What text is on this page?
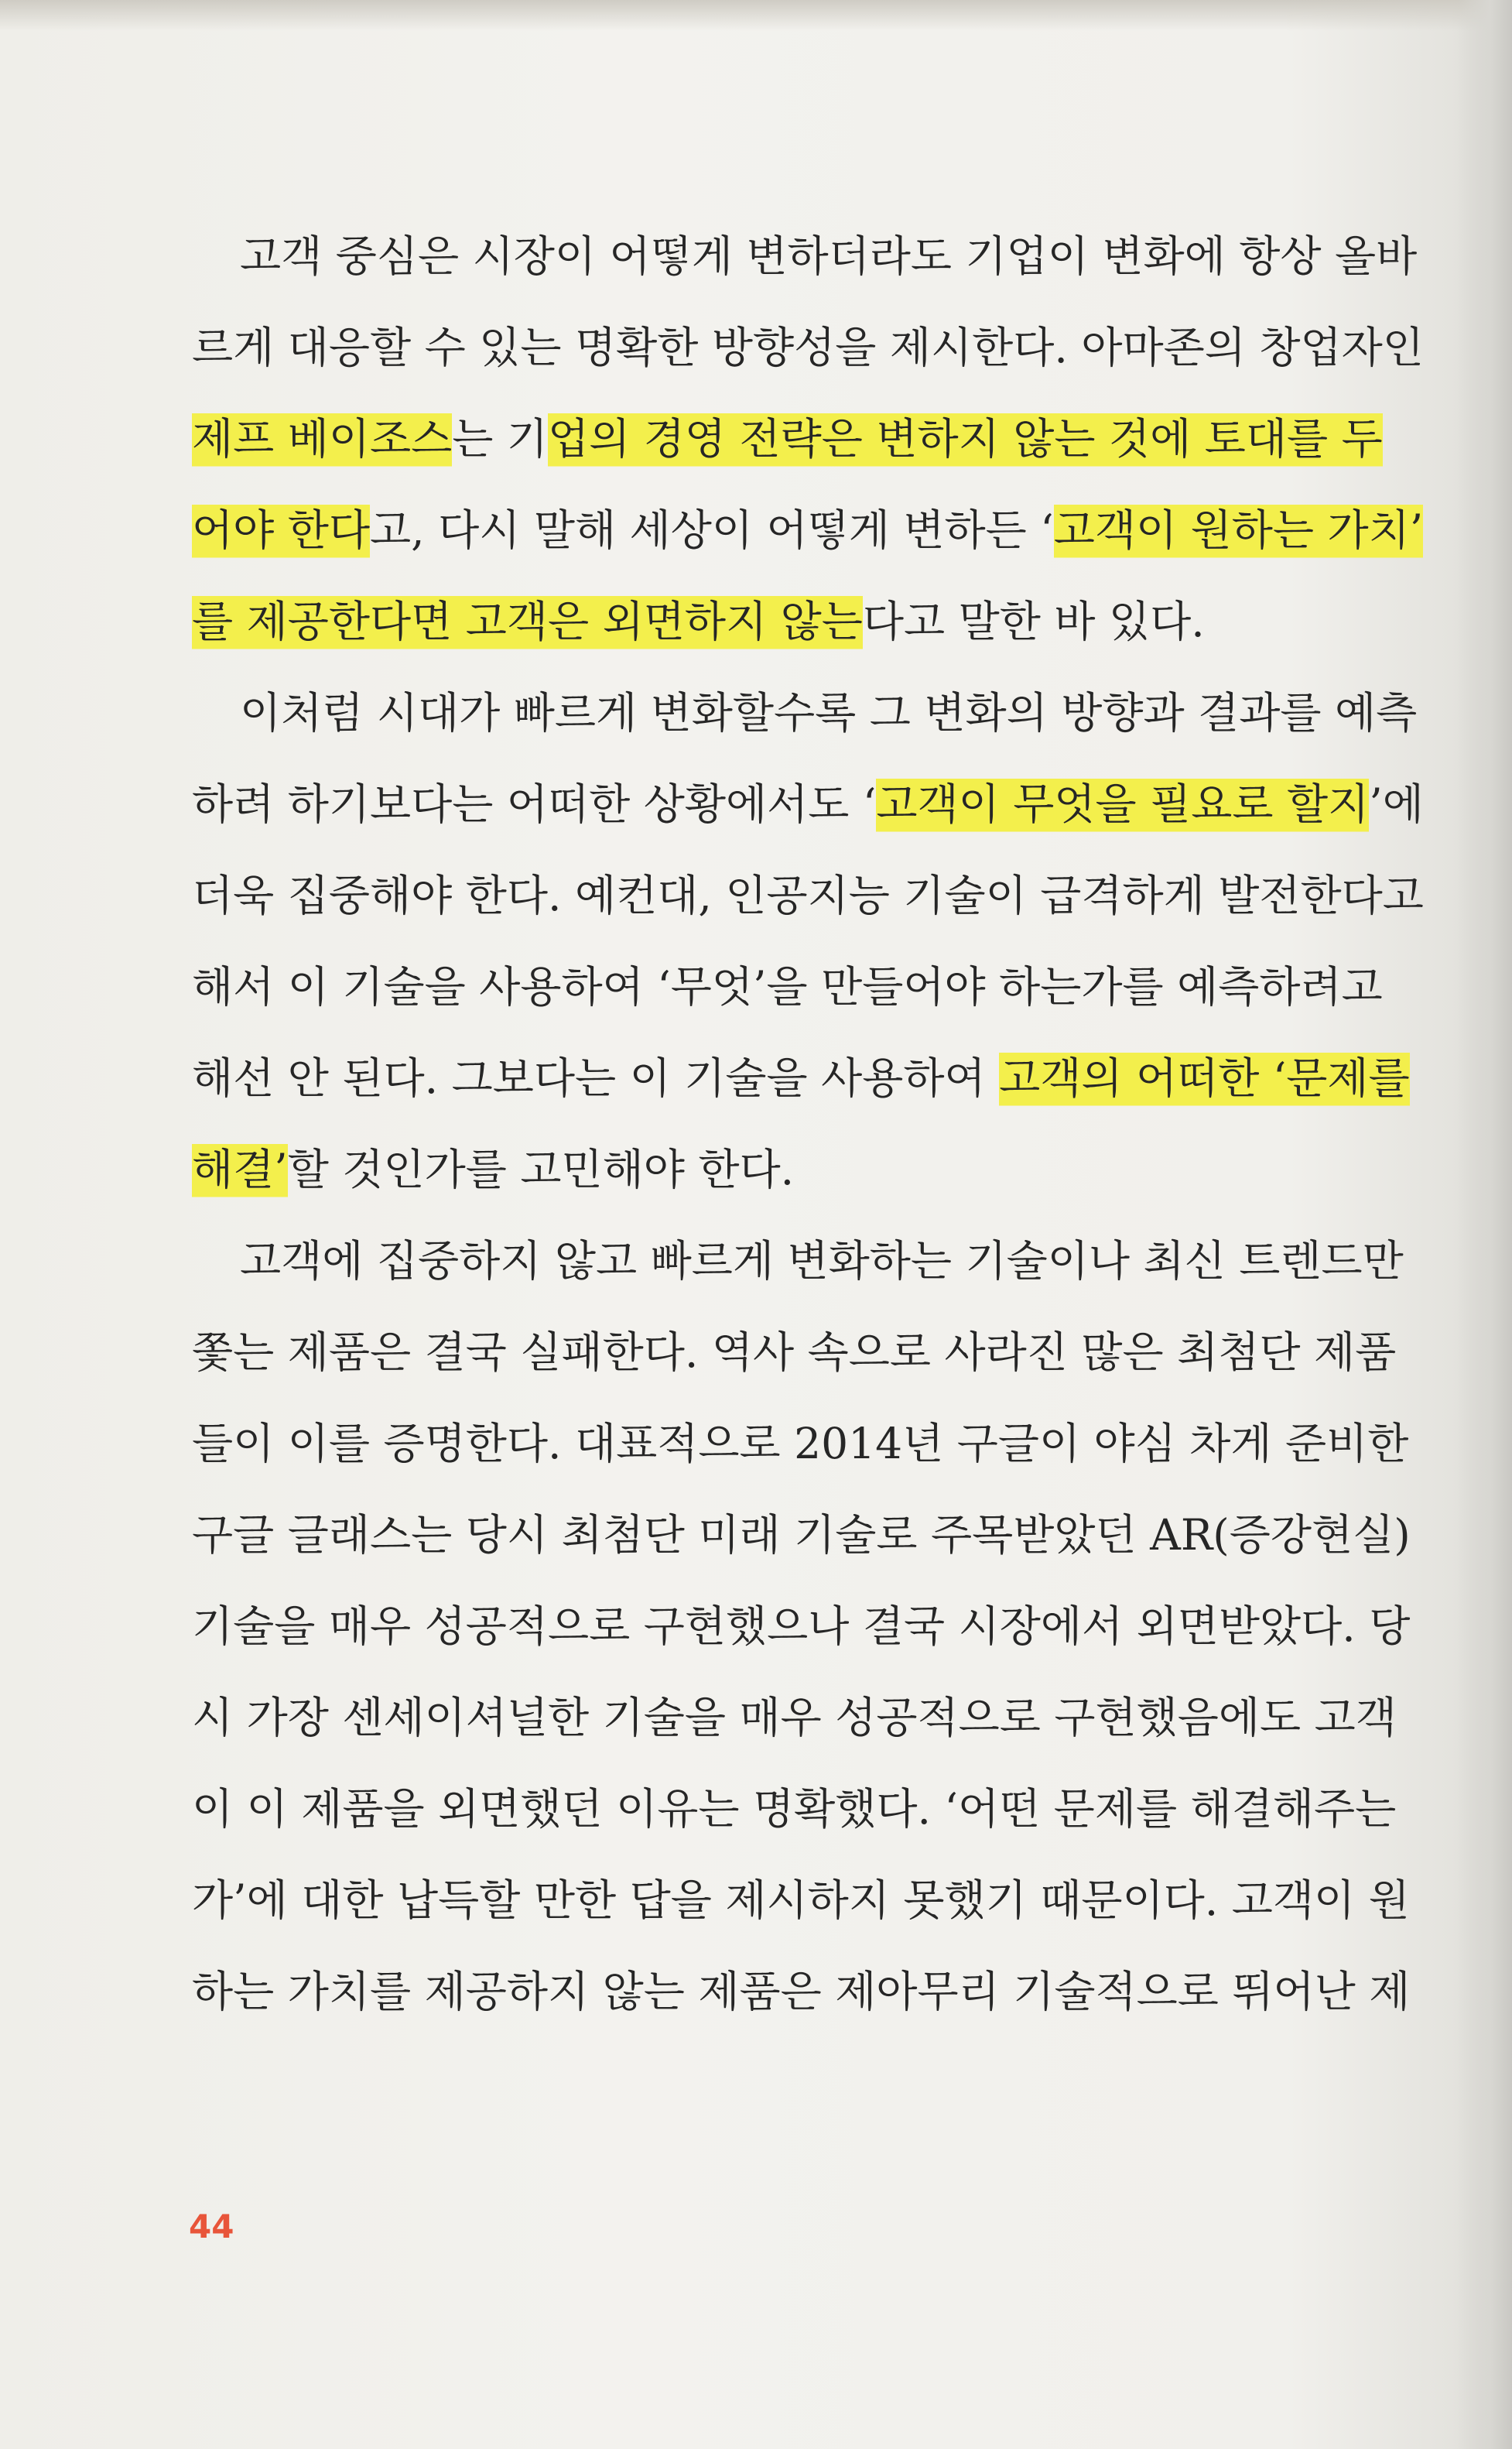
고객 중심은 시장이 어떻게 변하더라도 기업이 변화에 항상 올바
르게 대응할 수 있는 명확한 방향성을 제시한다. 아마존의 창업자인
제프 베이조스 는 기 업의 경영 전략은 변하지 않는 것에 토대를 두
어야 한다 고, 다시 말해 세상이 어떻게 변하든 ‘ 고객이 원하는 가치’
를 제공한다면 고객은 외면하지 않는 다고 말한 바 있다.
이처럼 시대가 빠르게 변화할수록 그 변화의 방향과 결과를 예측
하려 하기보다는 어떠한 상황에서도 ‘ 고객이 무엇을 필요로 할지 ’에
더욱 집중해야 한다. 예컨대, 인공지능 기술이 급격하게 발전한다고
해서 이 기술을 사용하여 ‘무엇’을 만들어야 하는가를 예측하려고
해선 안 된다. 그보다는 이 기술을 사용하여 고객의 어떠한 ‘문제를
해결’ 할 것인가를 고민해야 한다.
고객에 집중하지 않고 빠르게 변화하는 기술이나 최신 트렌드만
쫓는 제품은 결국 실패한다. 역사 속으로 사라진 많은 최첨단 제품
들이 이를 증명한다. 대표적으로 2014년 구글이 야심 차게 준비한
구글 글래스는 당시 최첨단 미래 기술로 주목받았던 AR(증강현실)
기술을 매우 성공적으로 구현했으나 결국 시장에서 외면받았다. 당
시 가장 센세이셔널한 기술을 매우 성공적으로 구현했음에도 고객
이 이 제품을 외면했던 이유는 명확했다. ‘어떤 문제를 해결해주는
가’에 대한 납득할 만한 답을 제시하지 못했기 때문이다. 고객이 원
하는 가치를 제공하지 않는 제품은 제아무리 기술적으로 뛰어난 제
44
